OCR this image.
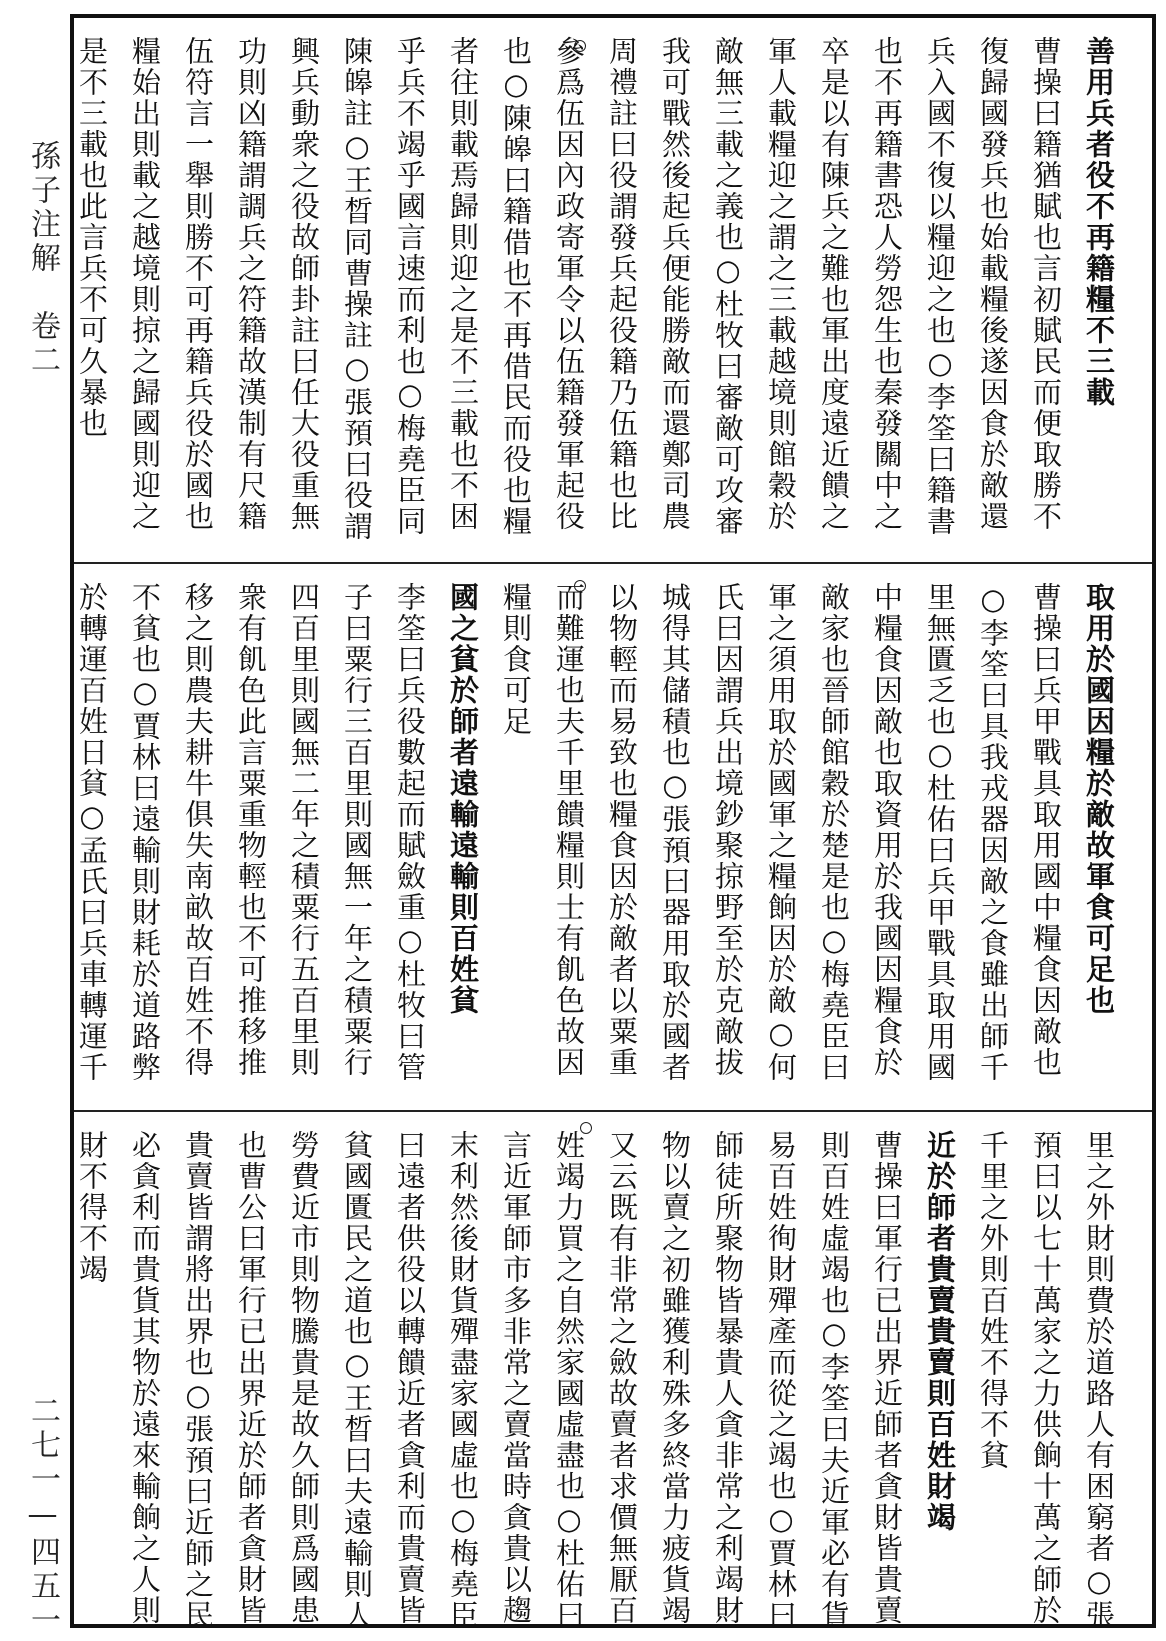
孫子注解　卷二
二七一—四五一
善用兵者役不再籍糧不三載
曹操曰籍猶賦也言初賦民而便取勝不
復歸國發兵也始載糧後遂因食於敵還
兵入國不復以糧迎之也○李筌曰籍書
也不再籍書恐人勞怨生也秦發關中之
卒是以有陳兵之難也軍出度遠近饋之
軍人載糧迎之謂之三載越境則館穀於
敵無三載之義也○杜牧曰審敵可攻審
我可戰然後起兵便能勝敵而還鄭司農
周禮註曰役謂發兵起役籍乃伍籍也比
參爲伍因內政寄軍令以伍籍發軍起役
也○陳皞曰籍借也不再借民而役也糧
者往則載焉歸則迎之是不三載也不困
乎兵不竭乎國言速而利也○梅堯臣同
陳皞註○王晳同曹操註○張預曰役謂
興兵動衆之役故師卦註曰任大役重無
功則凶籍謂調兵之符籍故漢制有尺籍
伍符言一舉則勝不可再籍兵役於國也
糧始出則載之越境則掠之歸國則迎之
是不三載也此言兵不可久暴也
取用於國因糧於敵故軍食可足也
曹操曰兵甲戰具取用國中糧食因敵也
○李筌曰具我戎器因敵之食雖出師千
里無匱乏也○杜佑曰兵甲戰具取用國
中糧食因敵也取資用於我國因糧食於
敵家也晉師館穀於楚是也○梅堯臣曰
軍之須用取於國軍之糧餉因於敵○何
氏曰因謂兵出境鈔聚掠野至於克敵拔
城得其儲積也○張預曰器用取於國者
以物輕而易致也糧食因於敵者以粟重
而難運也夫千里饋糧則士有飢色故因
糧則食可足
國之貧於師者遠輸遠輸則百姓貧
李筌曰兵役數起而賦斂重○杜牧曰管
子曰粟行三百里則國無一年之積粟行
四百里則國無二年之積粟行五百里則
衆有飢色此言粟重物輕也不可推移推
移之則農夫耕牛俱失南畝故百姓不得
不貧也○賈林曰遠輸則財耗於道路弊
於轉運百姓日貧○孟氏曰兵車轉運千
里之外財則費於道路人有困窮者○張
預曰以七十萬家之力供餉十萬之師於
千里之外則百姓不得不貧
近於師者貴賣貴賣則百姓財竭
曹操曰軍行已出界近師者貪財皆貴賣
則百姓虛竭也○李筌曰夫近軍必有貨
易百姓徇財殫產而從之竭也○賈林曰
師徒所聚物皆暴貴人貪非常之利竭財
物以賣之初雖獲利殊多終當力疲貨竭
又云既有非常之斂故賣者求價無厭百
姓竭力買之自然家國虛盡也○杜佑曰
言近軍師市多非常之賣當時貪貴以趨
末利然後財貨殫盡家國虛也○梅堯臣
曰遠者供役以轉饋近者貪利而貴賣皆
貧國匱民之道也○王晳曰夫遠輸則人
勞費近市則物騰貴是故久師則爲國患
也曹公曰軍行已出界近於師者貪財皆
貴賣皆謂將出界也○張預曰近師之民
必貪利而貴貨其物於遠來輸餉之人則
財不得不竭
